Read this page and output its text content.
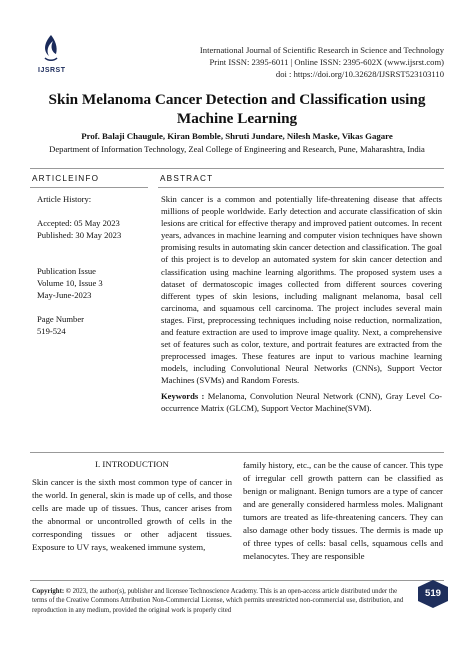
IJSRST
International Journal of Scientific Research in Science and Technology
Print ISSN: 2395-6011 | Online ISSN: 2395-602X (www.ijsrst.com)
doi : https://doi.org/10.32628/IJSRST523103110
Skin Melanoma Cancer Detection and Classification using Machine Learning
Prof. Balaji Chaugule, Kiran Bomble, Shruti Jundare, Nilesh Maske, Vikas Gagare
Department of Information Technology, Zeal College of Engineering and Research, Pune, Maharashtra, India
ARTICLEINFO	ABSTRACT
Article History:
Accepted: 05 May 2023
Published: 30 May 2023
Publication Issue
Volume 10, Issue 3
May-June-2023
Page Number
519-524
Skin cancer is a common and potentially life-threatening disease that affects millions of people worldwide. Early detection and accurate classification of skin lesions are critical for effective therapy and improved patient outcomes. In recent years, advances in machine learning and computer vision techniques have shown promising results in automating skin cancer detection and classification. The goal of this project is to develop an automated system for skin cancer detection and classification using machine learning algorithms. The proposed system uses a dataset of dermatoscopic images collected from different sources covering different types of skin lesions, including malignant melanoma, basal cell carcinoma, and squamous cell carcinoma. The project includes several main stages. First, preprocessing techniques including noise reduction, normalization, and feature extraction are used to improve image quality. Next, a comprehensive set of features such as color, texture, and portrait features are extracted from the preprocessed images. These features are input to various machine learning models, including Convolutional Neural Networks (CNNs), Support Vector Machines (SVMs) and Random Forests.
Keywords : Melanoma, Convolution Neural Network (CNN), Gray Level Co-occurrence Matrix (GLCM), Support Vector Machine(SVM).
I. INTRODUCTION
Skin cancer is the sixth most common type of cancer in the world. In general, skin is made up of cells, and those cells are made up of tissues. Thus, cancer arises from the abnormal or uncontrolled growth of cells in the corresponding tissues or other adjacent tissues. Exposure to UV rays, weakened immune system,
family history, etc., can be the cause of cancer. This type of irregular cell growth pattern can be classified as benign or malignant. Benign tumors are a type of cancer and are generally considered harmless moles. Malignant tumors are treated as life-threatening cancers. They can also damage other body tissues. The dermis is made up of three types of cells: basal cells, squamous cells and melanocytes. They are responsible
Copyright: © 2023, the author(s), publisher and licensee Technoscience Academy. This is an open-access article distributed under the terms of the Creative Commons Attribution Non-Commercial License, which permits unrestricted non-commercial use, distribution, and reproduction in any medium, provided the original work is properly cited
519
